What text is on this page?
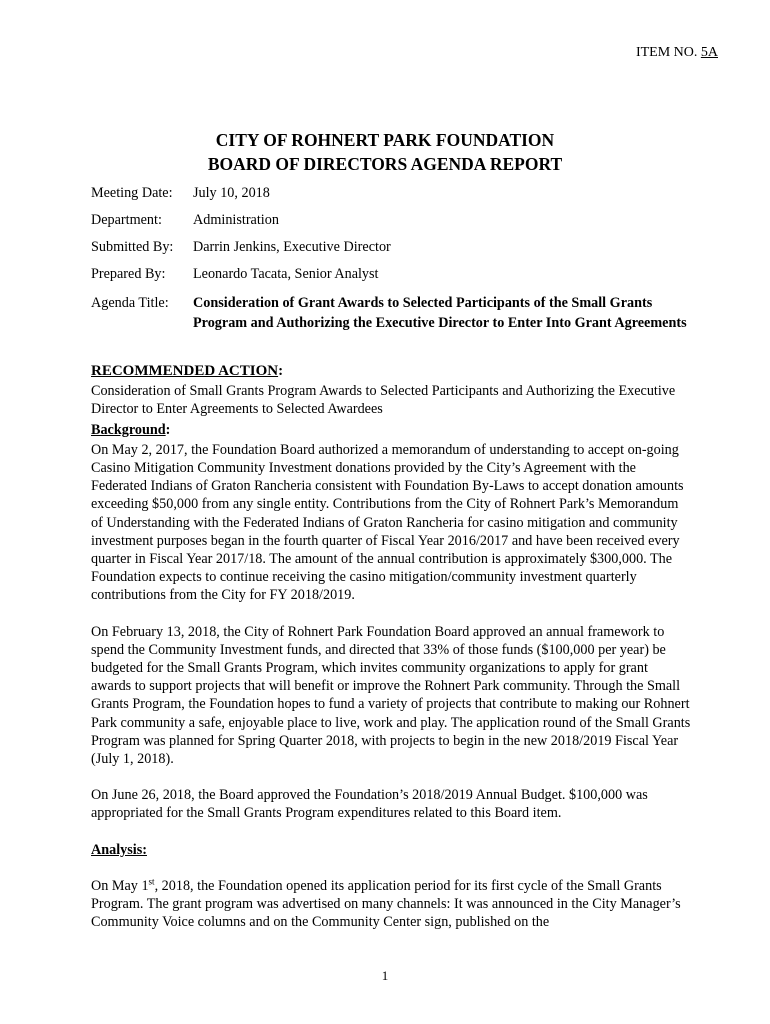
ITEM NO. 5A
CITY OF ROHNERT PARK FOUNDATION
BOARD OF DIRECTORS AGENDA REPORT
Meeting Date:	July 10, 2018
Department:	Administration
Submitted By:	Darrin Jenkins, Executive Director
Prepared By:	Leonardo Tacata, Senior Analyst
Agenda Title:	Consideration of Grant Awards to Selected Participants of the Small Grants Program and Authorizing the Executive Director to Enter Into Grant Agreements
RECOMMENDED ACTION:

Consideration of Small Grants Program Awards to Selected Participants and Authorizing the Executive Director to Enter Agreements to Selected Awardees

Background:

On May 2, 2017, the Foundation Board authorized a memorandum of understanding to accept on-going Casino Mitigation Community Investment donations provided by the City’s Agreement with the Federated Indians of Graton Rancheria consistent with Foundation By-Laws to accept donation amounts exceeding $50,000 from any single entity. Contributions from the City of Rohnert Park’s Memorandum of Understanding with the Federated Indians of Graton Rancheria for casino mitigation and community investment purposes began in the fourth quarter of Fiscal Year 2016/2017 and have been received every quarter in Fiscal Year 2017/18. The amount of the annual contribution is approximately $300,000. The Foundation expects to continue receiving the casino mitigation/community investment quarterly contributions from the City for FY 2018/2019.

On February 13, 2018, the City of Rohnert Park Foundation Board approved an annual framework to spend the Community Investment funds, and directed that 33% of those funds ($100,000 per year) be budgeted for the Small Grants Program, which invites community organizations to apply for grant awards to support projects that will benefit or improve the Rohnert Park community. Through the Small Grants Program, the Foundation hopes to fund a variety of projects that contribute to making our Rohnert Park community a safe, enjoyable place to live, work and play. The application round of the Small Grants Program was planned for Spring Quarter 2018, with projects to begin in the new 2018/2019 Fiscal Year (July 1, 2018).

On June 26, 2018, the Board approved the Foundation’s 2018/2019 Annual Budget. $100,000 was appropriated for the Small Grants Program expenditures related to this Board item.

Analysis:

On May 1st, 2018, the Foundation opened its application period for its first cycle of the Small Grants Program. The grant program was advertised on many channels: It was announced in the City Manager’s Community Voice columns and on the Community Center sign, published on the

1
